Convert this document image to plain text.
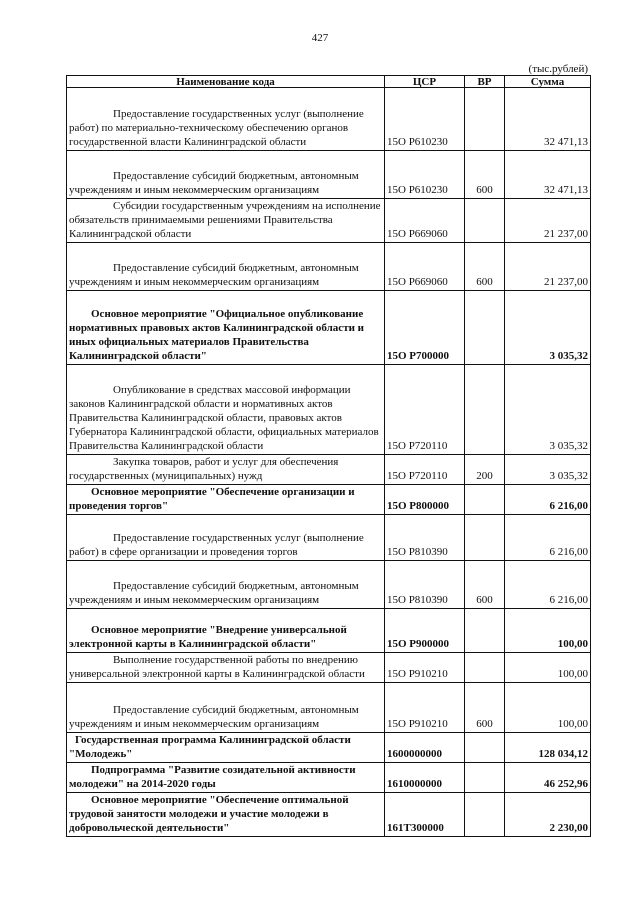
427
(тыс.рублей)
Наименование кода	ЦСР	ВР	Сумма

Предоставление государственных услуг (выполнение работ) по материально-техническому обеспечению органов государственной власти Калининградской области	15О Р610230		32 471,13

Предоставление субсидий бюджетным, автономным учреждениям и иным некоммерческим организациям	15О Р610230	600	32 471,13

Субсидии государственным учреждениям на исполнение обязательств принимаемыми решениями Правительства Калининградской области	15О Р669060		21 237,00

Предоставление субсидий бюджетным, автономным учреждениям и иным некоммерческим организациям	15О Р669060	600	21 237,00

Основное мероприятие "Официальное опубликование нормативных правовых актов Калининградской области и иных официальных материалов Правительства Калининградской области"	15О Р700000		3 035,32

Опубликование в средствах массовой информации законов Калининградской области и нормативных актов Правительства Калининградской области, правовых актов Губернатора Калининградской области, официальных материалов Правительства Калининградской области	15О Р720110		3 035,32

Закупка товаров, работ и услуг для обеспечения государственных (муниципальных) нужд	15О Р720110	200	3 035,32

Основное мероприятие "Обеспечение организации и проведения торгов"	15О Р800000		6 216,00

Предоставление государственных услуг (выполнение работ) в сфере организации и проведения торгов	15О Р810390		6 216,00

Предоставление субсидий бюджетным, автономным учреждениям и иным некоммерческим организациям	15О Р810390	600	6 216,00

Основное мероприятие "Внедрение универсальной электронной карты в Калининградской области"	15О Р900000		100,00

Выполнение государственной работы по внедрению универсальной электронной карты в Калининградской области	15О Р910210		100,00

Предоставление субсидий бюджетным, автономным учреждениям и иным некоммерческим организациям	15О Р910210	600	100,00

Государственная программа Калининградской области "Молодежь"	1600000000		128 034,12

Подпрограмма "Развитие созидательной активности молодежи" на 2014-2020 годы	1610000000		46 252,96

Основное мероприятие "Обеспечение оптимальной трудовой занятости молодежи и участие молодежи в добровольческой деятельности"	161Т300000		2 230,00
